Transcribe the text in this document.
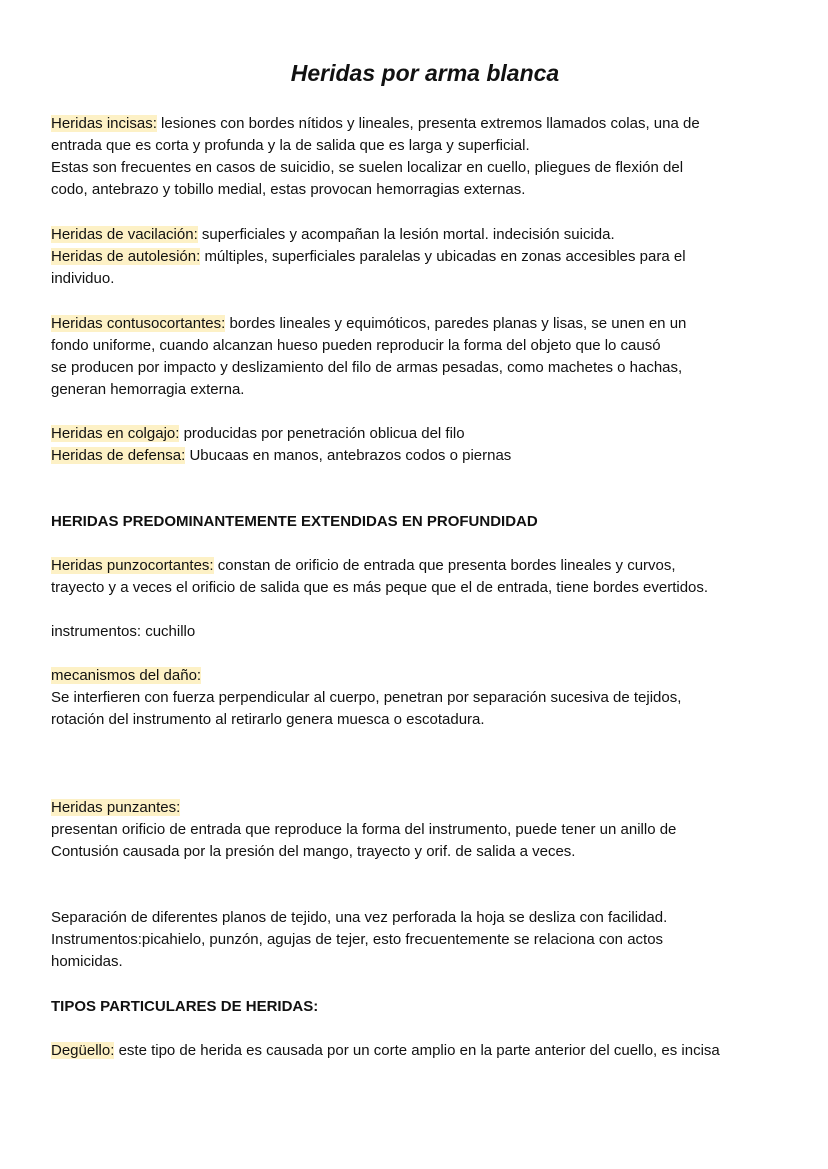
Heridas por arma blanca

Heridas incisas: lesiones con bordes nítidos y lineales, presenta extremos llamados colas, una de

entrada que es corta y profunda y la de salida que es larga y superficial.

Estas son frecuentes en casos de suicidio, se suelen localizar en cuello, pliegues de flexión del

codo, antebrazo y tobillo medial, estas provocan hemorragias externas.

Heridas de vacilación: superficiales y acompañan la lesión mortal. indecisión suicida.

Heridas de autolesión: múltiples, superficiales paralelas y ubicadas en zonas accesibles para el

individuo.

Heridas contusocortantes: bordes lineales y equimóticos, paredes planas y lisas, se unen en un

fondo uniforme, cuando alcanzan hueso pueden reproducir la forma del objeto que lo causó

se producen por impacto y deslizamiento del filo de armas pesadas, como machetes o hachas,

generan hemorragia externa.

Heridas en colgajo: producidas por penetración oblicua del filo

Heridas de defensa: Ubucaas en manos, antebrazos codos o piernas

HERIDAS PREDOMINANTEMENTE EXTENDIDAS EN PROFUNDIDAD

Heridas punzocortantes: constan de orificio de entrada que presenta bordes lineales y curvos,

trayecto y a veces el orificio de salida que es más peque que el de entrada, tiene bordes evertidos.

instrumentos: cuchillo

mecanismos del daño:

Se interfieren con fuerza perpendicular al cuerpo, penetran por separación sucesiva de tejidos,

rotación del instrumento al retirarlo genera muesca o escotadura.

Heridas punzantes:

presentan orificio de entrada que reproduce la forma del instrumento, puede tener un anillo de

Contusión causada por la presión del mango, trayecto y orif. de salida a veces.

Separación de diferentes planos de tejido, una vez perforada la hoja se desliza con facilidad.

Instrumentos:picahielo, punzón, agujas de tejer, esto frecuentemente se relaciona con actos

homicidas.

TIPOS PARTICULARES DE HERIDAS:

Degüello: este tipo de herida es causada por un corte amplio en la parte anterior del cuello, es incisa
